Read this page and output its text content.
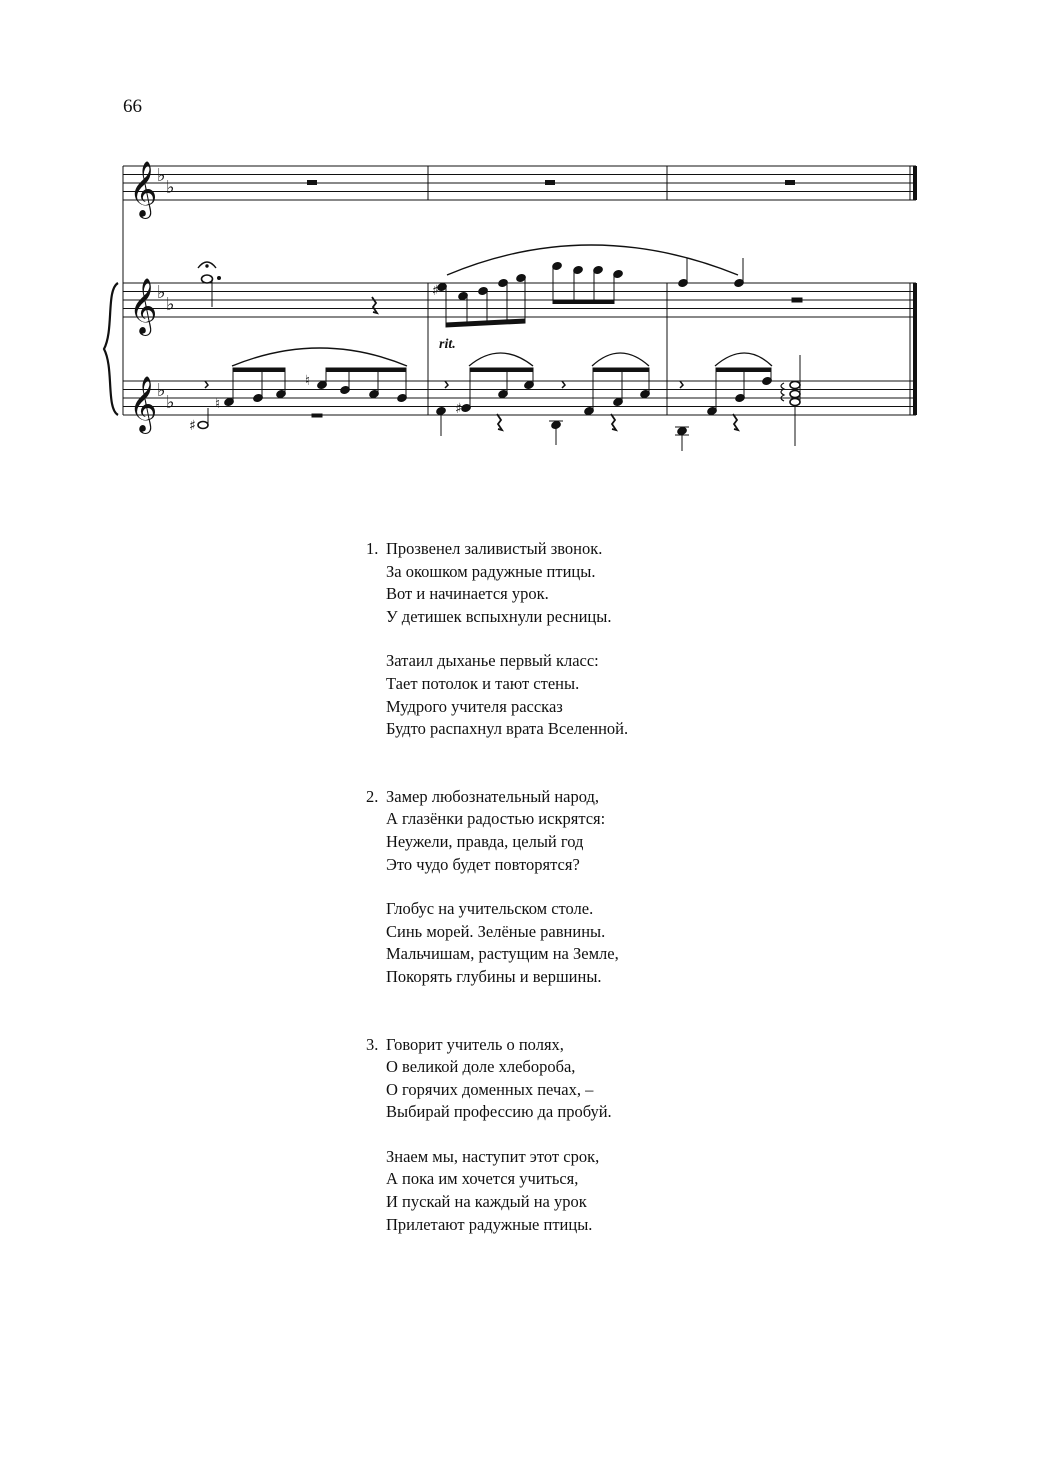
66
𝄞
𝄞
𝄞
♭
♭
♭
♭
♭
♭
♯
♯
♮
♮
♯
rit.
1. Прозвенел заливистый звонок.
За окошком радужные птицы.
Вот и начинается урок.
У детишек вспыхнули ресницы.
Затаил дыханье первый класс:
Тает потолок и тают стены.
Мудрого учителя рассказ
Будто распахнул врата Вселенной.
2. Замер любознательный народ,
А глазёнки радостью искрятся:
Неужели, правда, целый год
Это чудо будет повторятся?
Глобус на учительском столе.
Синь морей. Зелёные равнины.
Мальчишам, растущим на Земле,
Покорять глубины и вершины.
3. Говорит учитель о полях,
О великой доле хлебороба,
О горячих доменных печах, –
Выбирай профессию да пробуй.
Знаем мы, наступит этот срок,
А пока им хочется учиться,
И пускай на каждый на урок
Прилетают радужные птицы.
